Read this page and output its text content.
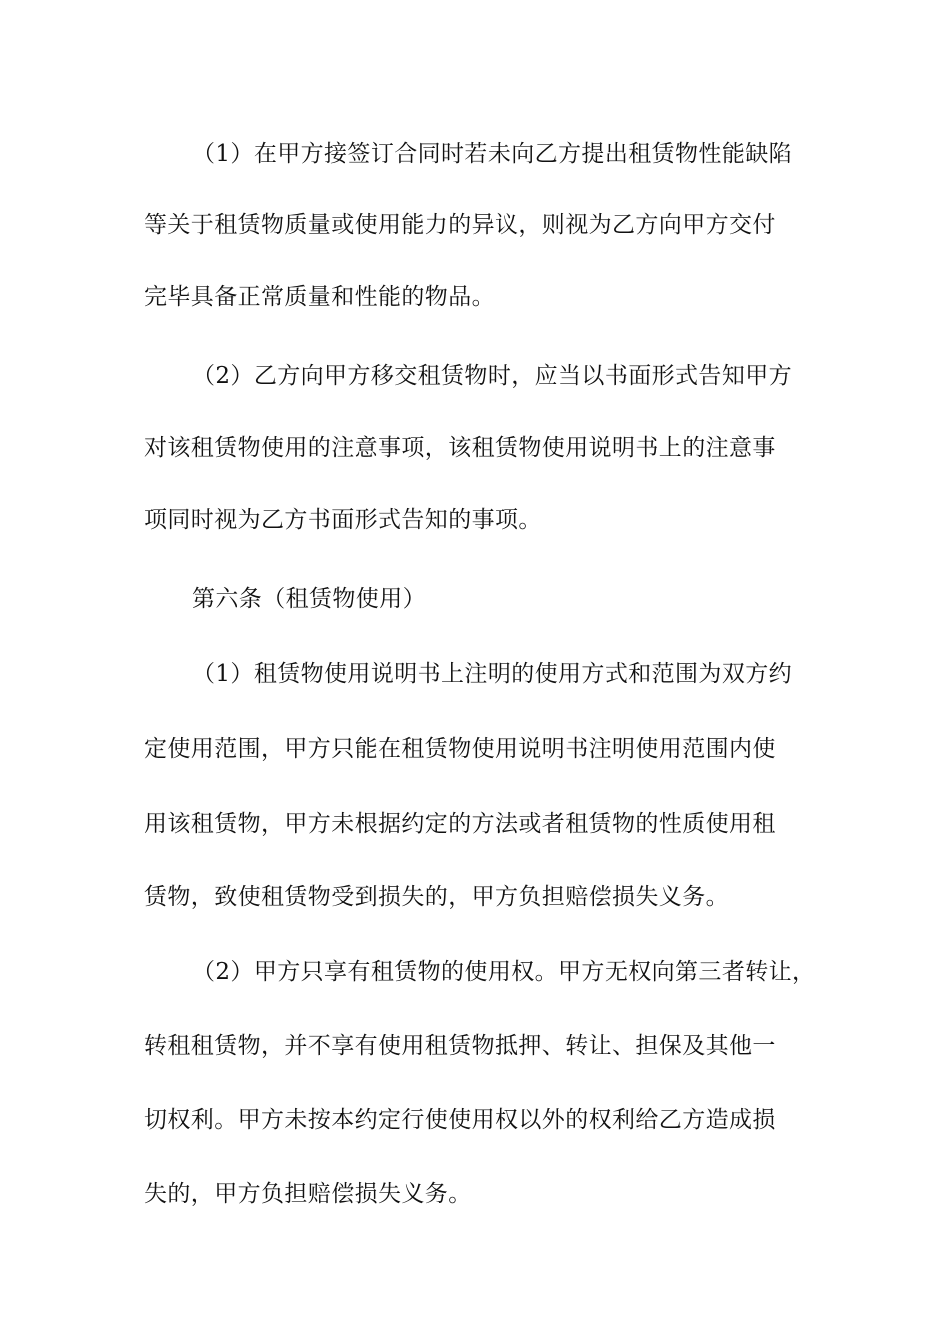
（1）在甲方接签订合同时若未向乙方提出租赁物性能缺陷
等关于租赁物质量或使用能力的异议，则视为乙方向甲方交付
完毕具备正常质量和性能的物品。
（2）乙方向甲方移交租赁物时，应当以书面形式告知甲方
对该租赁物使用的注意事项，该租赁物使用说明书上的注意事
项同时视为乙方书面形式告知的事项。
第六条（租赁物使用）
（1）租赁物使用说明书上注明的使用方式和范围为双方约
定使用范围，甲方只能在租赁物使用说明书注明使用范围内使
用该租赁物，甲方未根据约定的方法或者租赁物的性质使用租
赁物，致使租赁物受到损失的，甲方负担赔偿损失义务。
（2）甲方只享有租赁物的使用权。甲方无权向第三者转让，
转租租赁物，并不享有使用租赁物抵押、转让、担保及其他一
切权利。甲方未按本约定行使使用权以外的权利给乙方造成损
失的，甲方负担赔偿损失义务。
